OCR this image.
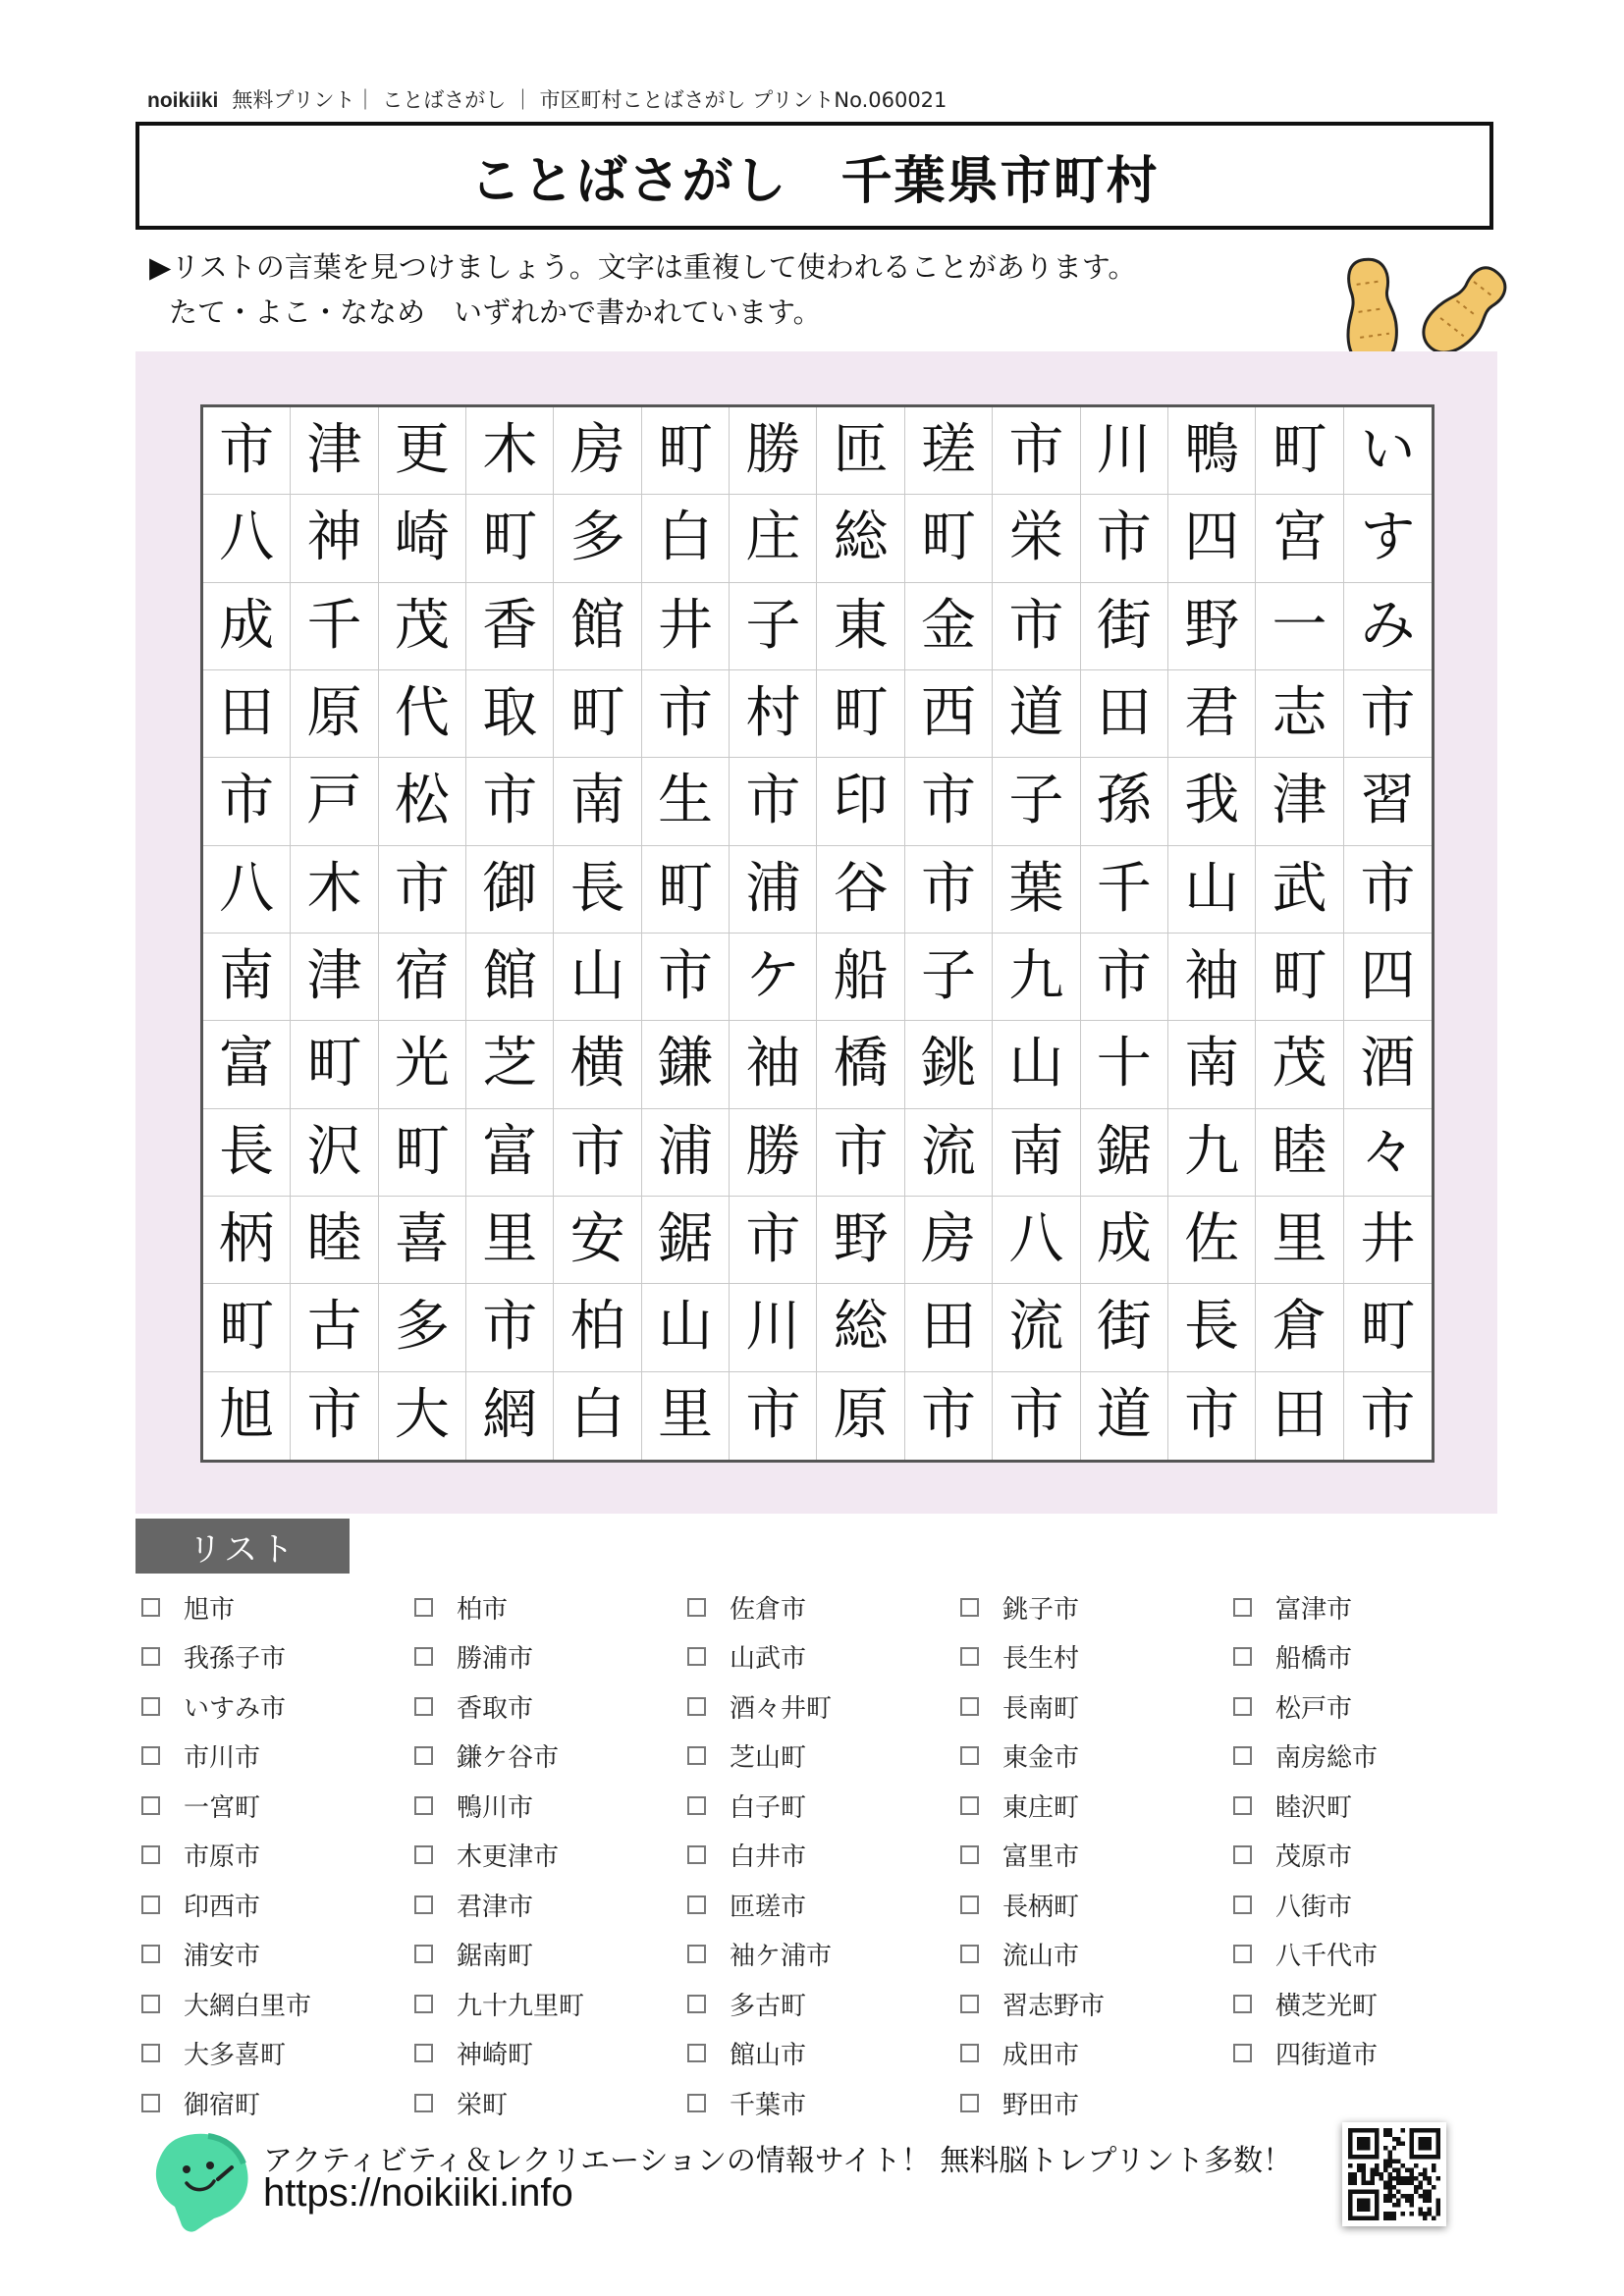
noikiiki 無料プリント｜ ことばさがし ｜ 市区町村ことばさがし プリントNo.060021
ことばさがし　千葉県市町村
▶リストの言葉を見つけましょう。文字は重複して使われることがあります。
たて・よこ・ななめ　いずれかで書かれています。
市 津 更 木 房 町 勝 匝 瑳 市 川 鴨 町 い
八 神 崎 町 多 白 庄 総 町 栄 市 四 宮 す
成 千 茂 香 館 井 子 東 金 市 街 野 一 み
田 原 代 取 町 市 村 町 西 道 田 君 志 市
市 戸 松 市 南 生 市 印 市 子 孫 我 津 習
八 木 市 御 長 町 浦 谷 市 葉 千 山 武 市
南 津 宿 館 山 市 ケ 船 子 九 市 袖 町 四
富 町 光 芝 横 鎌 袖 橋 銚 山 十 南 茂 酒
長 沢 町 富 市 浦 勝 市 流 南 鋸 九 睦 々
柄 睦 喜 里 安 鋸 市 野 房 八 成 佐 里 井
町 古 多 市 柏 山 川 総 田 流 街 長 倉 町
旭 市 大 網 白 里 市 原 市 市 道 市 田 市
リスト
旭市
我孫子市
いすみ市
市川市
一宮町
市原市
印西市
浦安市
大網白里市
大多喜町
御宿町
柏市
勝浦市
香取市
鎌ケ谷市
鴨川市
木更津市
君津市
鋸南町
九十九里町
神崎町
栄町
佐倉市
山武市
酒々井町
芝山町
白子町
白井市
匝瑳市
袖ケ浦市
多古町
館山市
千葉市
銚子市
長生村
長南町
東金市
東庄町
富里市
長柄町
流山市
習志野市
成田市
野田市
富津市
船橋市
松戸市
南房総市
睦沢町
茂原市
八街市
八千代市
横芝光町
四街道市
アクティビティ＆レクリエーションの情報サイト！ 無料脳トレプリント多数！
https://noikiiki.info
